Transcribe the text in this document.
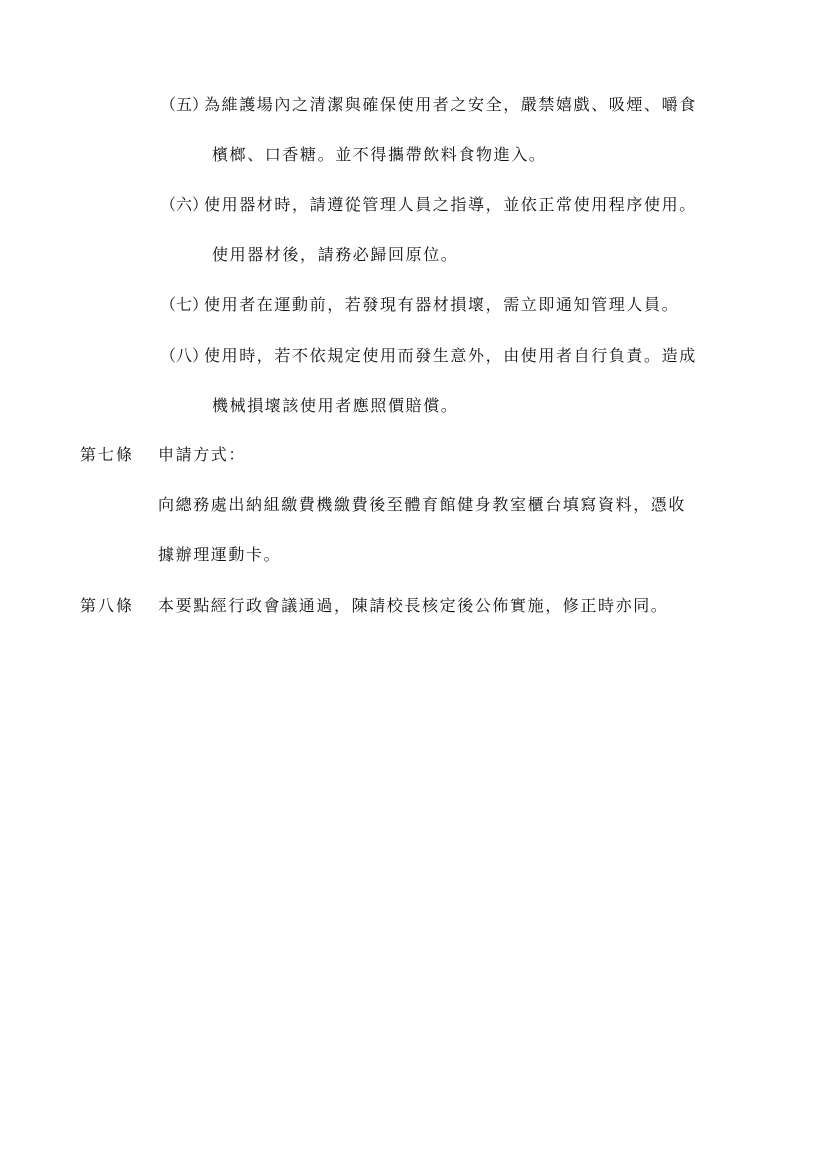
（五）為維護場內之清潔與確保使用者之安全，嚴禁嬉戲、吸煙、嚼食
檳榔、口香糖。並不得攜帶飲料食物進入。
（六）使用器材時，請遵從管理人員之指導，並依正常使用程序使用。
使用器材後，請務必歸回原位。
（七）使用者在運動前，若發現有器材損壞，需立即通知管理人員。
（八）使用時，若不依規定使用而發生意外，由使用者自行負責。造成
機械損壞該使用者應照價賠償。
第七條 申請方式：
向總務處出納組繳費機繳費後至體育館健身教室櫃台填寫資料，憑收
據辦理運動卡。
第八條 本要點經行政會議通過，陳請校長核定後公佈實施，修正時亦同。
